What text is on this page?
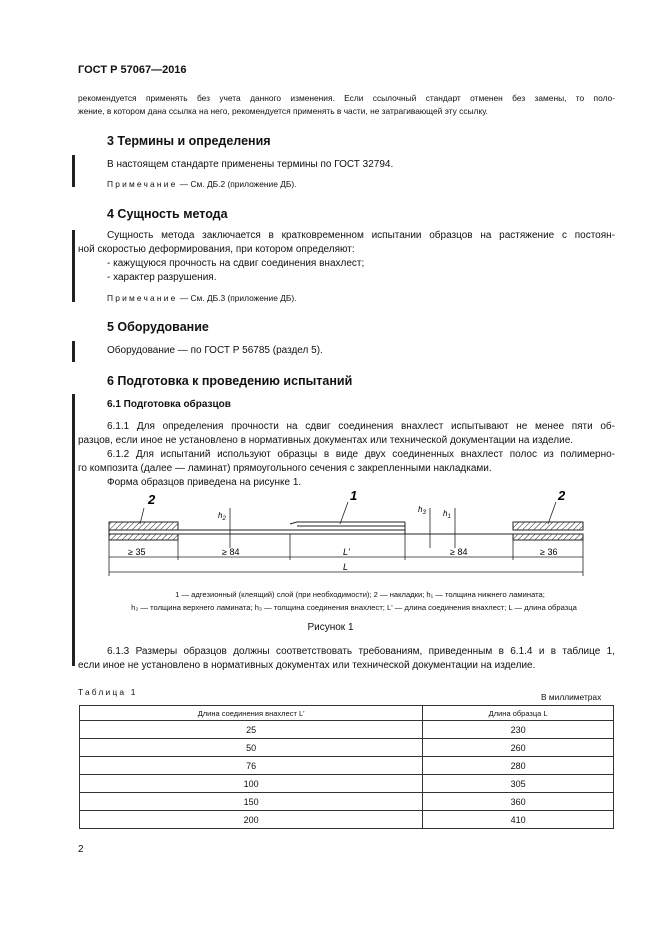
ГОСТ Р 57067—2016
рекомендуется применять без учета данного изменения. Если ссылочный стандарт отменен без замены, то поло-
жение, в котором дана ссылка на него, рекомендуется применять в части, не затрагивающей эту ссылку.
3 Термины и определения
В настоящем стандарте применены термины по ГОСТ 32794.
Примечание — См. ДБ.2 (приложение ДБ).
4 Сущность метода
Сущность метода заключается в кратковременном испытании образцов на растяжение с постоян-
ной скоростью деформирования, при котором определяют:
- кажущуюся прочность на сдвиг соединения внахлест;
- характер разрушения.
Примечание — См. ДБ.3 (приложение ДБ).
5 Оборудование
Оборудование — по ГОСТ Р 56785 (раздел 5).
6 Подготовка к проведению испытаний
6.1 Подготовка образцов
6.1.1 Для определения прочности на сдвиг соединения внахлест испытывают не менее пяти об-
разцов, если иное не установлено в нормативных документах или технической документации на изделие.
6.1.2 Для испытаний используют образцы в виде двух соединенных внахлест полос из полимерно-
го композита (далее — ламинат) прямоугольного сечения с закрепленными накладками.
Форма образцов приведена на рисунке 1.
2	1	2
$h_2$
$h_3$ $h_1$
≥ 35	≥ 84	L'	≥ 84	≥ 36
L
1 — адгезионный (клеящий) слой (при необходимости); 2 — накладки; h₁ — толщина нижнего ламината;
h₂ — толщина верхнего ламината; h₃ — толщина соединения внахлест; L' — длина соединения внахлест; L — длина образца
Рисунок 1
6.1.3 Размеры образцов должны соответствовать требованиям, приведенным в 6.1.4 и в таблице 1,
если иное не установлено в нормативных документах или технической документации на изделие.
Таблица 1	В миллиметрах
Длина соединения внахлест L'	Длина образца L
25	230
50	260
76	280
100	305
150	360
200	410
2
